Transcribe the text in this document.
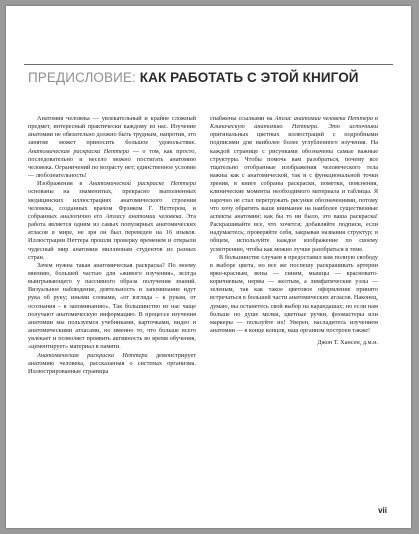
ПРЕДИСЛОВИЕ: КАК РАБОТАТЬ С ЭТОЙ КНИГОЙ

Анатомия человека — увлекательный и крайне сложный предмет, интересный практически каждому из нас. Изучение анатомии не обязательно должно быть трудным, напротив, это занятие может приносить большое удовольствие. Анатомическая раскраска Неттера — о том, как просто, последовательно и весело можно постигать анатомию человека. Ограничений по возрасту нет; единственное условие — любознательность!

Изображения в Анатомической раскраске Неттера основаны на знаменитых, прекрасно выполненных медицинских иллюстрациях анатомического строения человека, созданных врачом Фрэнком Г. Неттером, и собранных аналогично его Атласу анатомии человека. Эта работа является одним из самых популярных анатомических атласов в мире, не зря он был переведен на 16 языков. Иллюстрации Неттера прошли проверку временем и открыли чудесный мир анатомии миллионам студентов из разных стран.

Зачем нужна такая анатомическая раскраска? По моему мнению, большей частью для «живого изучения», всегда выигрывающего у пассивного образа получения знаний. Визуальное наблюдение, деятельность и запоминание идут рука об руку; иными словами, «от взгляда – к рукам, от осознания – к запоминанию». Так большинство из нас чаще получают анатомическую информацию. В процессе изучения анатомии мы пользуемся учебниками, карточками, видео и анатомическими атласами, но именно то, что больше всего увлекает и позволяет проявить активность во время обучения, «цементирует» материал в памяти.

Анатомическая раскраска Неттера демонстрирует анатомию человека, рассказанная о системах организма. Иллюстрированные страницы

снабжены ссылками на Атлас анатомии человека Неттера в Клиническую анатомию Неттера. Это источники оригинальных цветных иллюстраций с подробными подписями для наиболее более углубленного изучения. На каждой странице с рисунками обозначены самые важные структуры. Чтобы помочь вам разобраться, почему все тщательно отобранные изображения человеческого тела важны как с анатомической, так и с функциональной точки зрения, в книге собраны раскраски, пометки, пояснения, клинические моменты необходимого материала и таблицы. Я нарочно не стал перегружать рисунки обозначениями, потому что хочу обратить ваше внимание на наиболее существенные аспекты анатомии; как бы то ни было, это ваша раскраска! Раскрашивайте все, что хочется; добавляйте подписи, если надумаетесь; проверяйте себя, закрывая названия структур; в общем, используйте каждое изображение по своему усмотрению, чтобы как можно лучше разобраться в теме.

В большинстве случаев я предоставил вам полную свободу в выборе цвета, но все же поспешу раскрашивать артерии ярко-красным, вены — синим, мышцы — красновато-коричневым, нервы — желтым, а лимфатические узлы — зеленым, так как такое цветовое оформление принято встречаться в большей части анатомических атласов. Наконец, думаю, вы останетесь свой выбор на карандашах; но если нам больше по душе мелки, цветные ручки, фломастеры или маркеры — пользуйте их! Уверен, насладитесь изучением анатомии — в конце концов, наш организм построен также!

Джон Т. Хансен, д.м.н.

vii
